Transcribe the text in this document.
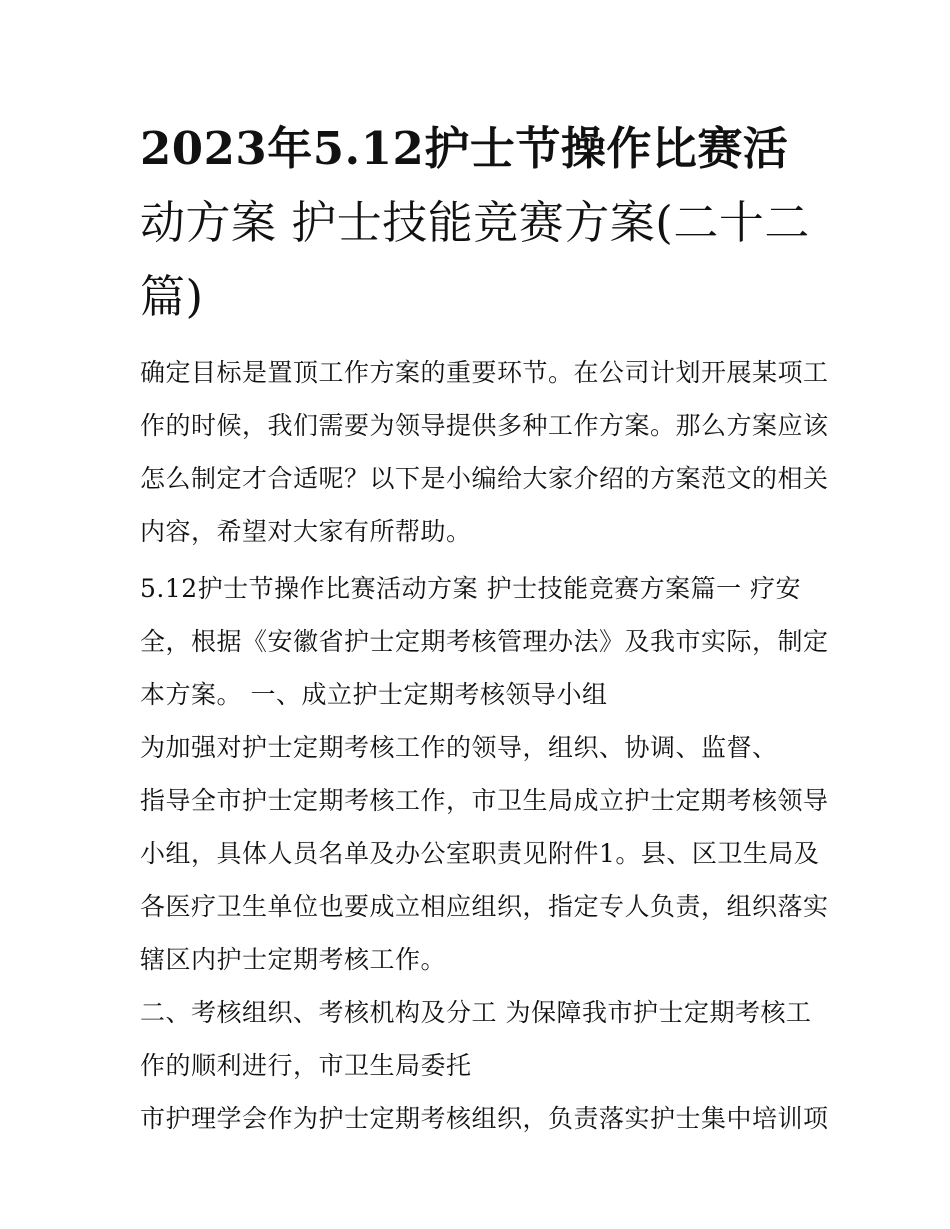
2023年5.12护士节操作比赛活动方案 护士技能竞赛方案(二十二篇)
确定目标是置顶工作方案的重要环节。在公司计划开展某项工
作的时候，我们需要为领导提供多种工作方案。那么方案应该
怎么制定才合适呢？以下是小编给大家介绍的方案范文的相关
内容，希望对大家有所帮助。
5.12护士节操作比赛活动方案 护士技能竞赛方案篇一 疗安
全，根据《安徽省护士定期考核管理办法》及我市实际，制定
本方案。 一、成立护士定期考核领导小组
为加强对护士定期考核工作的领导，组织、协调、监督、
指导全市护士定期考核工作，市卫生局成立护士定期考核领导
小组，具体人员名单及办公室职责见附件1。县、区卫生局及
各医疗卫生单位也要成立相应组织，指定专人负责，组织落实
辖区内护士定期考核工作。
二、考核组织、考核机构及分工 为保障我市护士定期考核工
作的顺利进行，市卫生局委托
市护理学会作为护士定期考核组织，负责落实护士集中培训项
